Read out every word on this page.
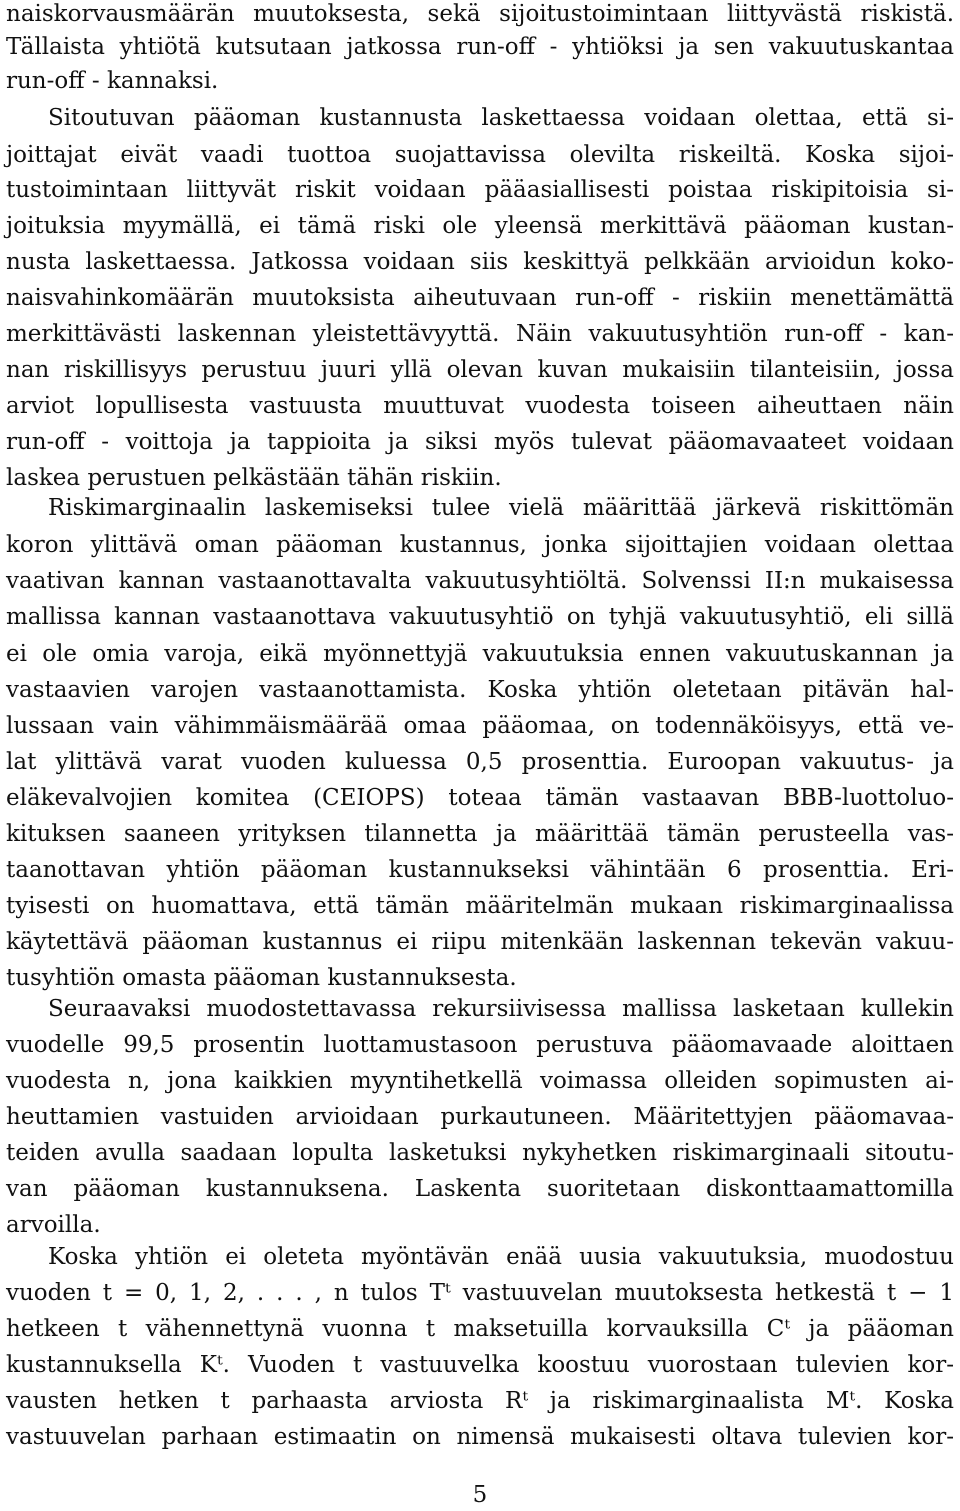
naiskorvausmäärän muutoksesta, sekä sijoitustoimintaan liittyvästä riskistä.
Tällaista yhtiötä kutsutaan jatkossa run-off - yhtiöksi ja sen vakuutuskantaa
run-off - kannaksi.
Sitoutuvan pääoman kustannusta laskettaessa voidaan olettaa, että si-
joittajat eivät vaadi tuottoa suojattavissa olevilta riskeiltä. Koska sijoi-
tustoimintaan liittyvät riskit voidaan pääasiallisesti poistaa riskipitoisia si-
joituksia myymällä, ei tämä riski ole yleensä merkittävä pääoman kustan-
nusta laskettaessa. Jatkossa voidaan siis keskittyä pelkkään arvioidun koko-
naisvahinkomäärän muutoksista aiheutuvaan run-off - riskiin menettämättä
merkittävästi laskennan yleistettävyyttä. Näin vakuutusyhtiön run-off - kan-
nan riskillisyys perustuu juuri yllä olevan kuvan mukaisiin tilanteisiin, jossa
arviot lopullisesta vastuusta muuttuvat vuodesta toiseen aiheuttaen näin
run-off - voittoja ja tappioita ja siksi myös tulevat pääomavaateet voidaan
laskea perustuen pelkästään tähän riskiin.
Riskimarginaalin laskemiseksi tulee vielä määrittää järkevä riskittömän
koron ylittävä oman pääoman kustannus, jonka sijoittajien voidaan olettaa
vaativan kannan vastaanottavalta vakuutusyhtiöltä. Solvenssi II:n mukaisessa
mallissa kannan vastaanottava vakuutusyhtiö on tyhjä vakuutusyhtiö, eli sillä
ei ole omia varoja, eikä myönnettyjä vakuutuksia ennen vakuutuskannan ja
vastaavien varojen vastaanottamista. Koska yhtiön oletetaan pitävän hal-
lussaan vain vähimmäismäärää omaa pääomaa, on todennäköisyys, että ve-
lat ylittävä varat vuoden kuluessa 0,5 prosenttia. Euroopan vakuutus- ja
eläkevalvojien komitea (CEIOPS) toteaa tämän vastaavan BBB-luottoluo-
kituksen saaneen yrityksen tilannetta ja määrittää tämän perusteella vas-
taanottavan yhtiön pääoman kustannukseksi vähintään 6 prosenttia. Eri-
tyisesti on huomattava, että tämän määritelmän mukaan riskimarginaalissa
käytettävä pääoman kustannus ei riipu mitenkään laskennan tekevän vakuu-
tusyhtiön omasta pääoman kustannuksesta.
Seuraavaksi muodostettavassa rekursiivisessa mallissa lasketaan kullekin
vuodelle 99,5 prosentin luottamustasoon perustuva pääomavaade aloittaen
vuodesta n, jona kaikkien myyntihetkellä voimassa olleiden sopimusten ai-
heuttamien vastuiden arvioidaan purkautuneen. Määritettyjen pääomavaa-
teiden avulla saadaan lopulta lasketuksi nykyhetken riskimarginaali sitoutu-
van pääoman kustannuksena. Laskenta suoritetaan diskonttaamattomilla
arvoilla.
Koska yhtiön ei oleteta myöntävän enää uusia vakuutuksia, muodostuu
vuoden t = 0, 1, 2, . . . , n tulos Tᵗ vastuuvelan muutoksesta hetkestä t − 1
hetkeen t vähennettynä vuonna t maksetuilla korvauksilla Cᵗ ja pääoman
kustannuksella Kᵗ. Vuoden t vastuuvelka koostuu vuorostaan tulevien kor-
vausten hetken t parhaasta arviosta Rᵗ ja riskimarginaalista Mᵗ. Koska
vastuuvelan parhaan estimaatin on nimensä mukaisesti oltava tulevien kor-
5
